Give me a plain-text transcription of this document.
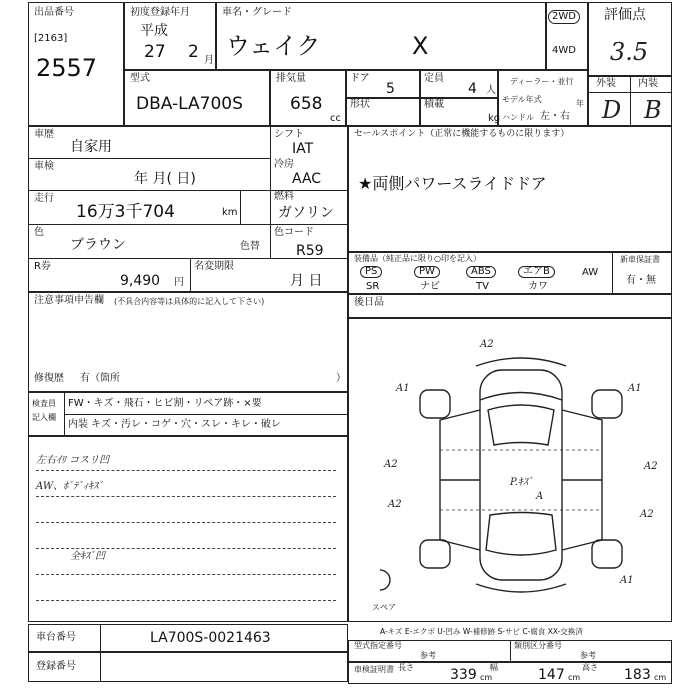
出品番号
[2163]
2557
初度登録年月
平成
27 2 月
車名・グレード
ウェイク	X
2WD
4WD
評価点
3.5
型式
DBA-LA700S
排気量
658
cc
ドア
5
定員
4 人
形状	積載
kg
ディーラー・並行
モデル年式	年
ハンドル 左・右
外装 内装
D B
車歴
自家用
シフト
IAT
冷房
AAC
車検
年 月( 日)
燃料
ガソリン
走行
16万3千704	km
色
ブラウン	色替
色コード
R59
R券
9,490 円
名変期限
月 日
セールスポイント（正常に機能するものに限ります）
★両側パワースライドドア
装備品（純正品に限り○印を記入）	新車保証書
有・無
PS	PW	ABS	エアB	AW
SR	ナビ	TV	カワ
注意事項申告欄 (不具合内容等は具体的に記入して下さい)
修復歴 有（箇所	）
後日品
検査員
記入欄
FW・キズ・飛石・ヒビ割・リペア跡・×要
内装 キズ・汚レ・コゲ・穴・スレ・キレ・破レ
左右ｲﾘ コスリ凹
AW、ﾎﾞﾃﾞｨｷｽﾞ
全ｷｽﾞ凹
A2
A1	A1
A2
A2
A2
A2
A1
P.ｷｽﾞ
A
スペア
A-キズ E-エクボ U-凹み W-補修跡 S-サビ C-腐食 XX-交換済
車台番号	LA700S-0021463
登録番号
型式指定番号
参考
類別区分番号
参考
車検証明書 長さ	339 cm
幅	147 cm
高さ 183 cm
